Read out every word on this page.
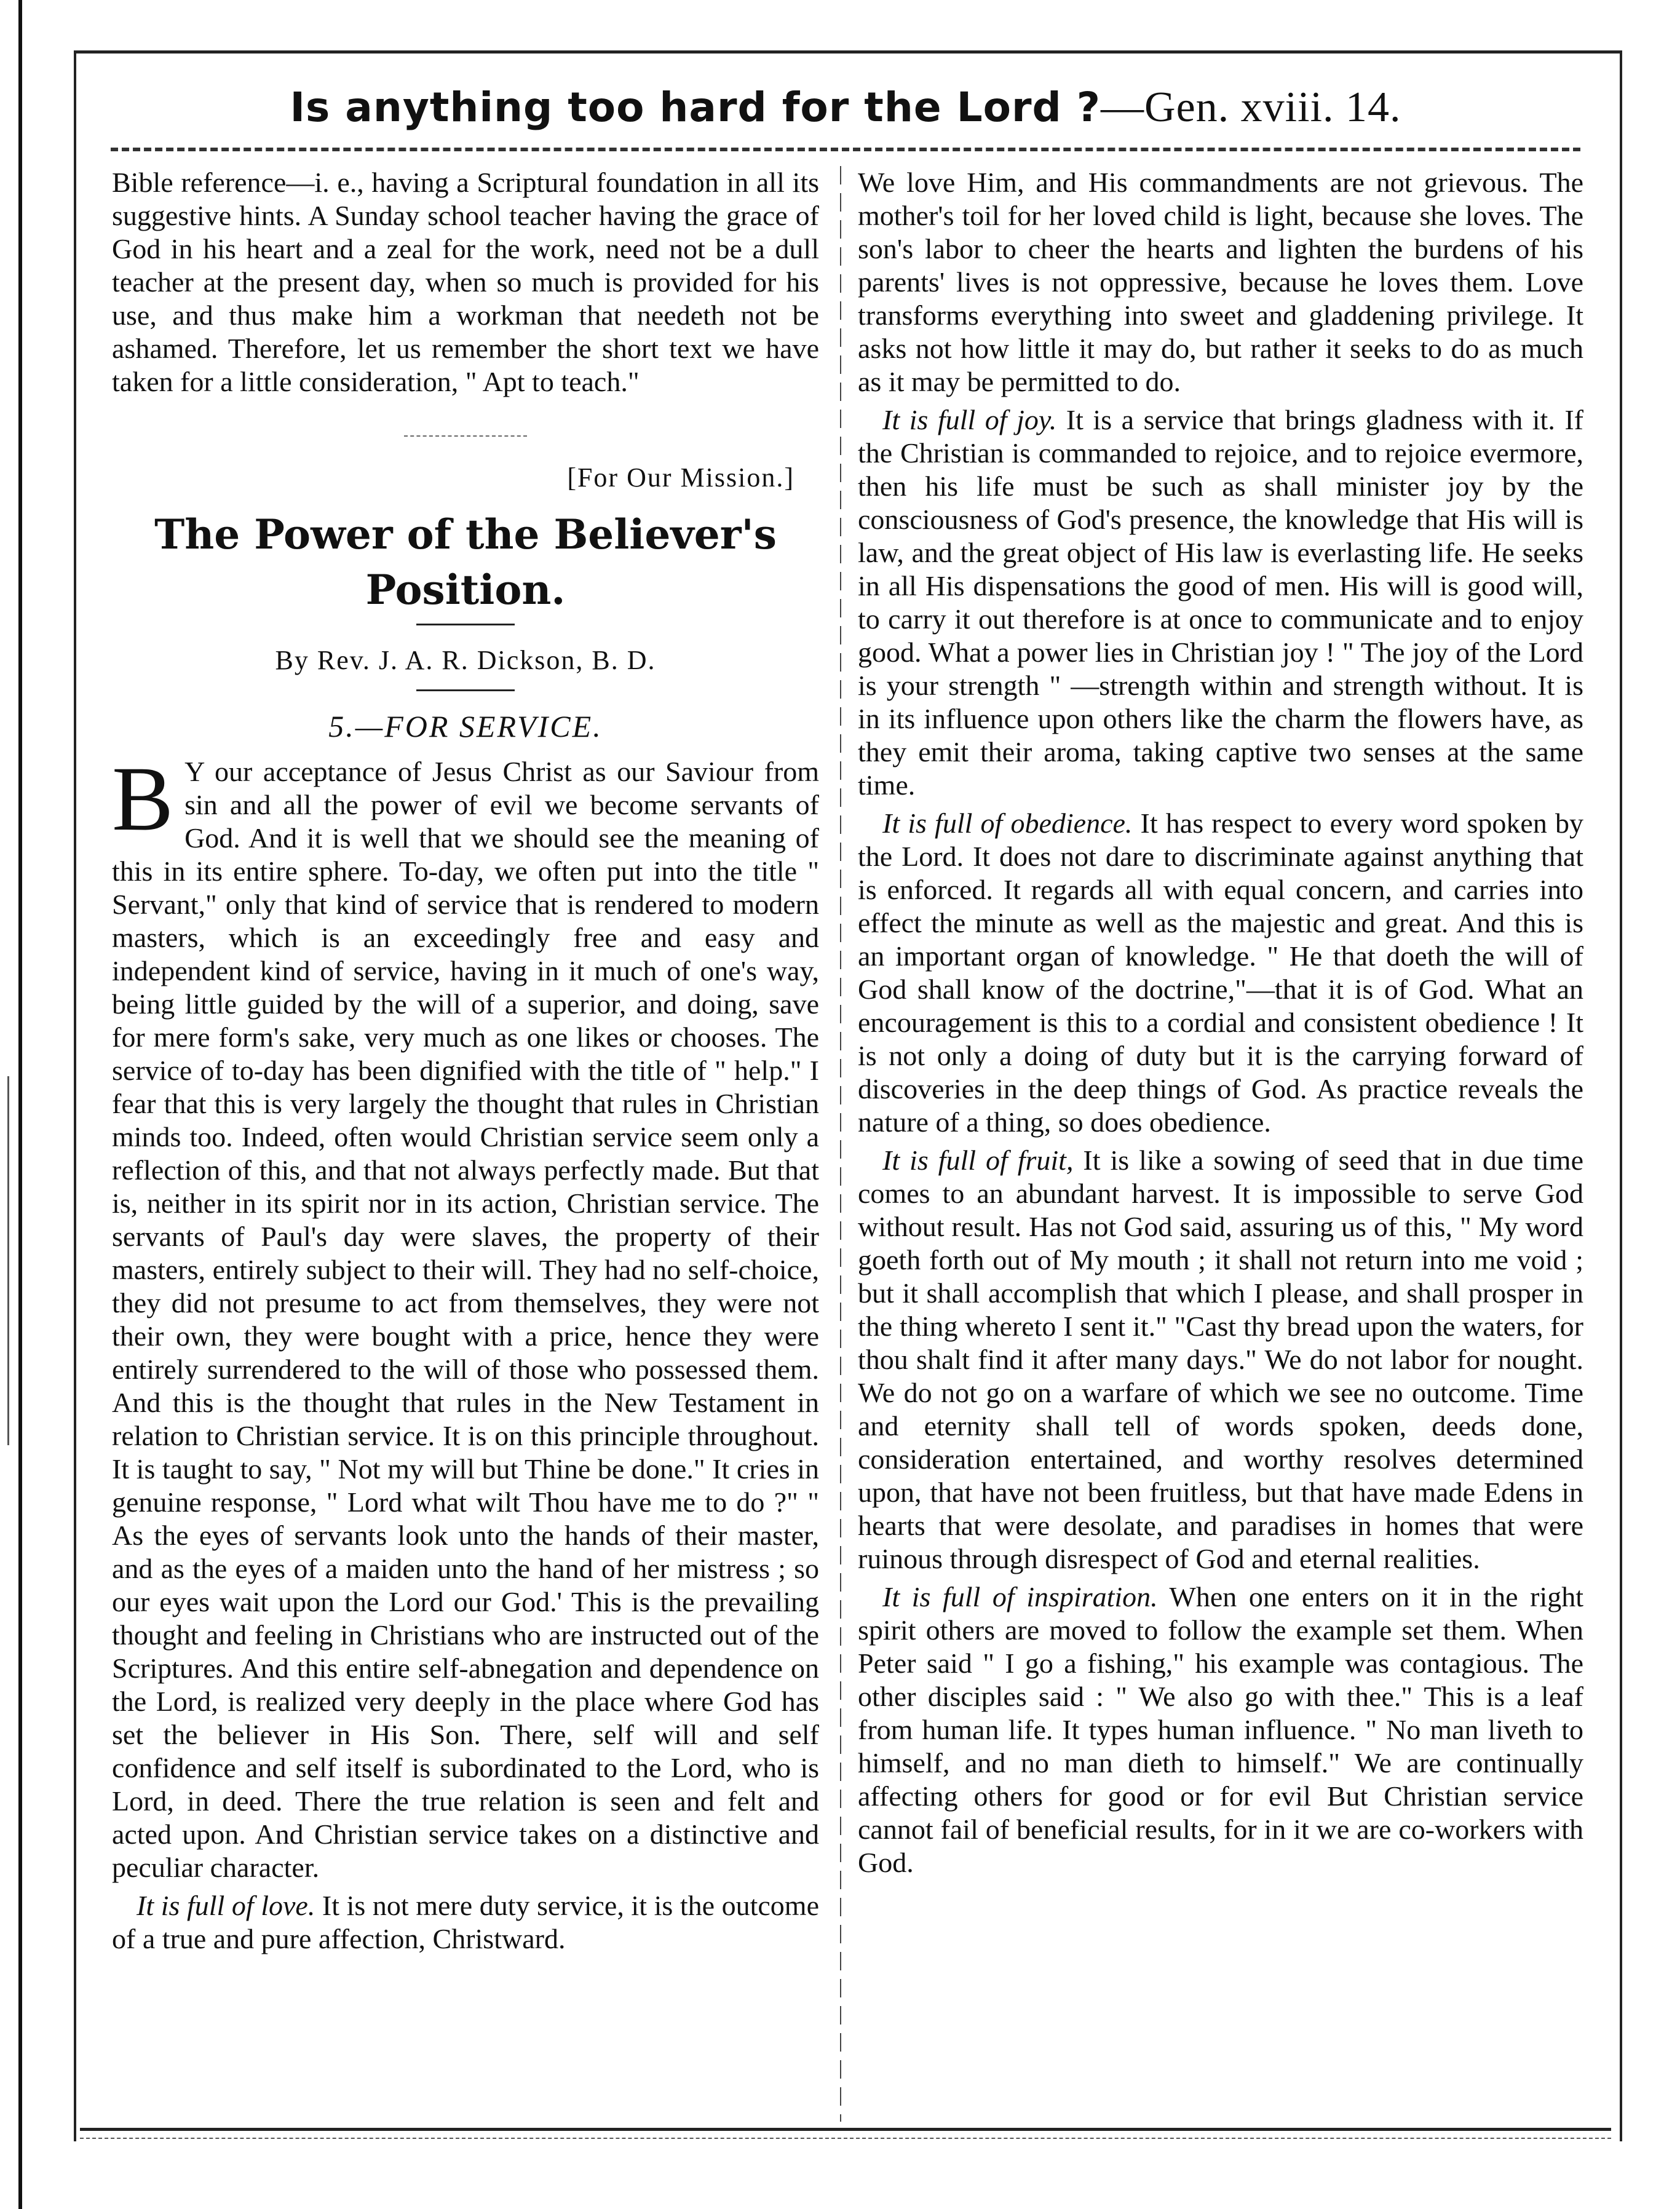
Is anything too hard for the Lord ?—Gen. xviii. 14.

Bible reference—i. e., having a Scriptural foundation in all its suggestive hints. A Sunday school teacher having the grace of God in his heart and a zeal for the work, need not be a dull teacher at the present day, when so much is provided for his use, and thus make him a workman that needeth not be ashamed. Therefore, let us remember the short text we have taken for a little consideration, " Apt to teach."

[For Our Mission.]
The Power of the Believer's Position.
By Rev. J. A. R. Dickson, B. D.
5.—FOR SERVICE.

B Y our acceptance of Jesus Christ as our Saviour from sin and all the power of evil we become servants of God. And it is well that we should see the meaning of this in its entire sphere. To-day, we often put into the title " Servant," only that kind of service that is rendered to modern masters, which is an exceedingly free and easy and independent kind of service, having in it much of one's way, being little guided by the will of a superior, and doing, save for mere form's sake, very much as one likes or chooses. The service of to-day has been dignified with the title of " help." I fear that this is very largely the thought that rules in Christian minds too. Indeed, often would Christian service seem only a reflection of this, and that not always perfectly made. But that is, neither in its spirit nor in its action, Christian service. The servants of Paul's day were slaves, the property of their masters, entirely subject to their will. They had no self-choice, they did not presume to act from themselves, they were not their own, they were bought with a price, hence they were entirely surrendered to the will of those who possessed them. And this is the thought that rules in the New Testament in relation to Christian service. It is on this principle throughout. It is taught to say, " Not my will but Thine be done." It cries in genuine response, " Lord what wilt Thou have me to do ?" " As the eyes of servants look unto the hands of their master, and as the eyes of a maiden unto the hand of her mistress ; so our eyes wait upon the Lord our God.' This is the prevailing thought and feeling in Christians who are instructed out of the Scriptures. And this entire self-abnegation and dependence on the Lord, is realized very deeply in the place where God has set the believer in His Son. There, self will and self confidence and self itself is subordinated to the Lord, who is Lord, in deed. There the true relation is seen and felt and acted upon. And Christian service takes on a distinctive and peculiar character.

It is full of love. It is not mere duty service, it is the outcome of a true and pure affection, Christward.

We love Him, and His commandments are not grievous. The mother's toil for her loved child is light, because she loves. The son's labor to cheer the hearts and lighten the burdens of his parents' lives is not oppressive, because he loves them. Love transforms everything into sweet and gladdening privilege. It asks not how little it may do, but rather it seeks to do as much as it may be permitted to do.

It is full of joy. It is a service that brings gladness with it. If the Christian is commanded to rejoice, and to rejoice evermore, then his life must be such as shall minister joy by the consciousness of God's presence, the knowledge that His will is law, and the great object of His law is everlasting life. He seeks in all His dispensations the good of men. His will is good will, to carry it out therefore is at once to communicate and to enjoy good. What a power lies in Christian joy ! " The joy of the Lord is your strength " —strength within and strength without. It is in its influence upon others like the charm the flowers have, as they emit their aroma, taking captive two senses at the same time.

It is full of obedience. It has respect to every word spoken by the Lord. It does not dare to discriminate against anything that is enforced. It regards all with equal concern, and carries into effect the minute as well as the majestic and great. And this is an important organ of knowledge. " He that doeth the will of God shall know of the doctrine,"—that it is of God. What an encouragement is this to a cordial and consistent obedience ! It is not only a doing of duty but it is the carrying forward of discoveries in the deep things of God. As practice reveals the nature of a thing, so does obedience.

It is full of fruit, It is like a sowing of seed that in due time comes to an abundant harvest. It is impossible to serve God without result. Has not God said, assuring us of this, " My word goeth forth out of My mouth ; it shall not return into me void ; but it shall accomplish that which I please, and shall prosper in the thing whereto I sent it." "Cast thy bread upon the waters, for thou shalt find it after many days." We do not labor for nought. We do not go on a warfare of which we see no outcome. Time and eternity shall tell of words spoken, deeds done, consideration entertained, and worthy resolves determined upon, that have not been fruitless, but that have made Edens in hearts that were desolate, and paradises in homes that were ruinous through disrespect of God and eternal realities.

It is full of inspiration. When one enters on it in the right spirit others are moved to follow the example set them. When Peter said " I go a fishing," his example was contagious. The other disciples said : " We also go with thee." This is a leaf from human life. It types human influence. " No man liveth to himself, and no man dieth to himself." We are continually affecting others for good or for evil But Christian service cannot fail of beneficial results, for in it we are co-workers with God.
